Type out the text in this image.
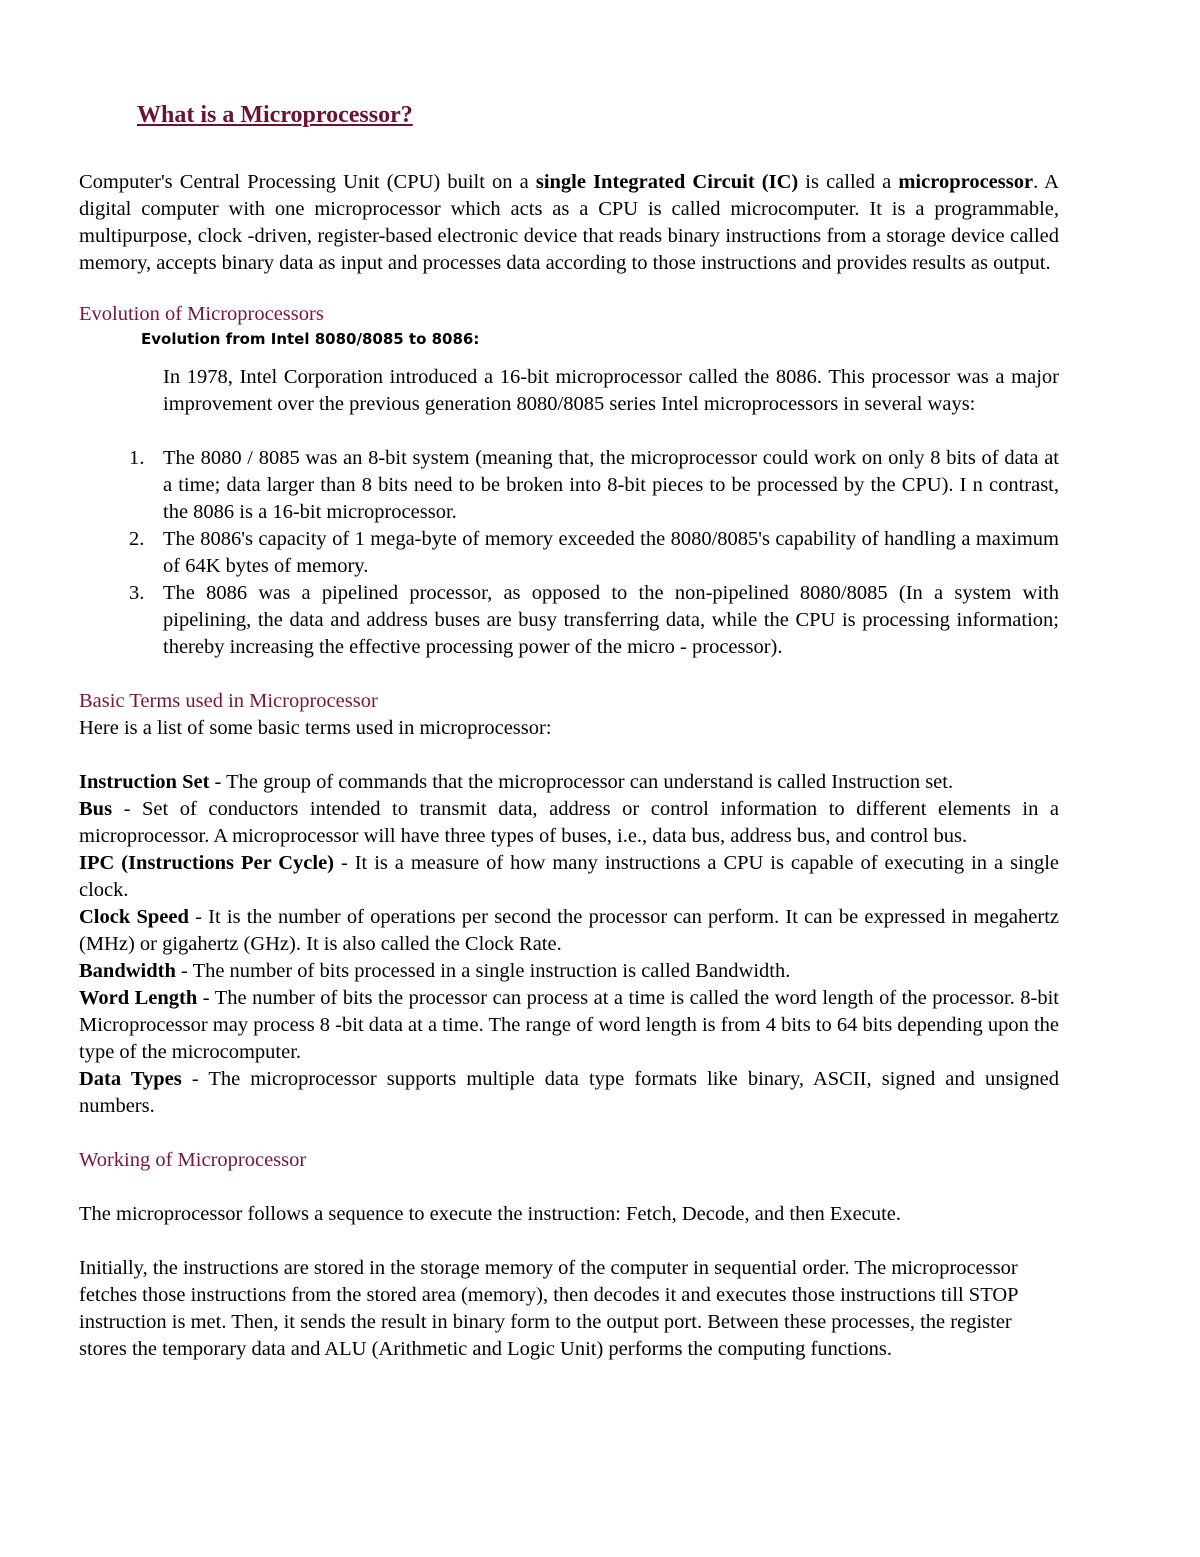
What is a Microprocessor?

Computer's Central Processing Unit (CPU) built on a single Integrated Circuit (IC) is called a microprocessor. A digital computer with one microprocessor which acts as a CPU is called microcomputer. It is a programmable, multipurpose, clock -driven, register-based electronic device that reads binary instructions from a storage device called memory, accepts binary data as input and processes data according to those instructions and provides results as output.

Evolution of Microprocessors
Evolution from Intel 8080/8085 to 8086:

In 1978, Intel Corporation introduced a 16-bit microprocessor called the 8086. This processor was a major improvement over the previous generation 8080/8085 series Intel microprocessors in several ways:

1. The 8080 / 8085 was an 8-bit system (meaning that, the microprocessor could work on only 8 bits of data at a time; data larger than 8 bits need to be broken into 8-bit pieces to be processed by the CPU). I n contrast, the 8086 is a 16-bit microprocessor.
2. The 8086's capacity of 1 mega-byte of memory exceeded the 8080/8085's capability of handling a maximum of 64K bytes of memory.
3. The 8086 was a pipelined processor, as opposed to the non-pipelined 8080/8085 (In a system with pipelining, the data and address buses are busy transferring data, while the CPU is processing information; thereby increasing the effective processing power of the micro - processor).
Basic Terms used in Microprocessor

Here is a list of some basic terms used in microprocessor:

Instruction Set - The group of commands that the microprocessor can understand is called Instruction set.

Bus - Set of conductors intended to transmit data, address or control information to different elements in a microprocessor. A microprocessor will have three types of buses, i.e., data bus, address bus, and control bus.

IPC (Instructions Per Cycle) - It is a measure of how many instructions a CPU is capable of executing in a single clock.

Clock Speed - It is the number of operations per second the processor can perform. It can be expressed in megahertz (MHz) or gigahertz (GHz). It is also called the Clock Rate.

Bandwidth - The number of bits processed in a single instruction is called Bandwidth.

Word Length - The number of bits the processor can process at a time is called the word length of the processor. 8-bit Microprocessor may process 8 -bit data at a time. The range of word length is from 4 bits to 64 bits depending upon the type of the microcomputer.

Data Types - The microprocessor supports multiple data type formats like binary, ASCII, signed and unsigned numbers.

Working of Microprocessor

The microprocessor follows a sequence to execute the instruction: Fetch, Decode, and then Execute.

Initially, the instructions are stored in the storage memory of the computer in sequential order. The microprocessor fetches those instructions from the stored area (memory), then decodes it and executes those instructions till STOP instruction is met. Then, it sends the result in binary form to the output port. Between these processes, the register stores the temporary data and ALU (Arithmetic and Logic Unit) performs the computing functions.
